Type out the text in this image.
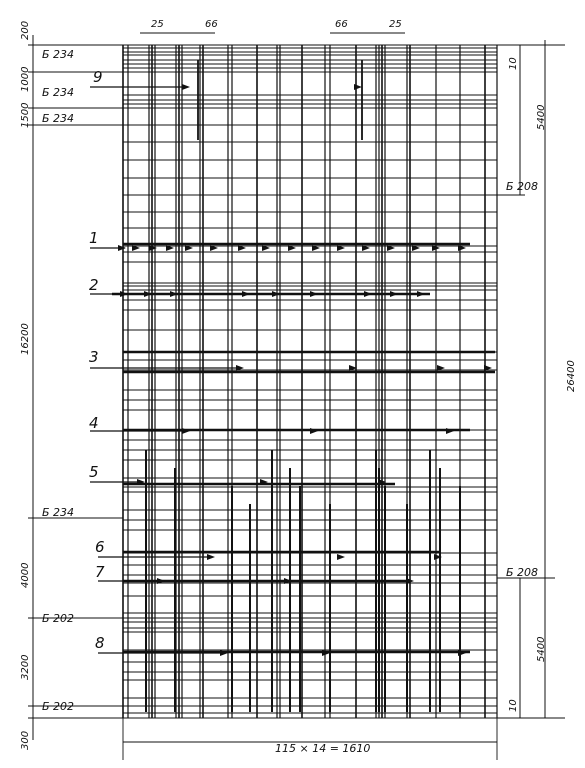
25	66	66	25
200
1000
1500
16200
4000
3200
300
Б 234
Б 234
Б 234
Б 234
Б 202
Б 202
Б 208
Б 208
10
10
5400
26400
5400
115 × 14 = 1610
9
1
2
3
4
5
6
7
8
